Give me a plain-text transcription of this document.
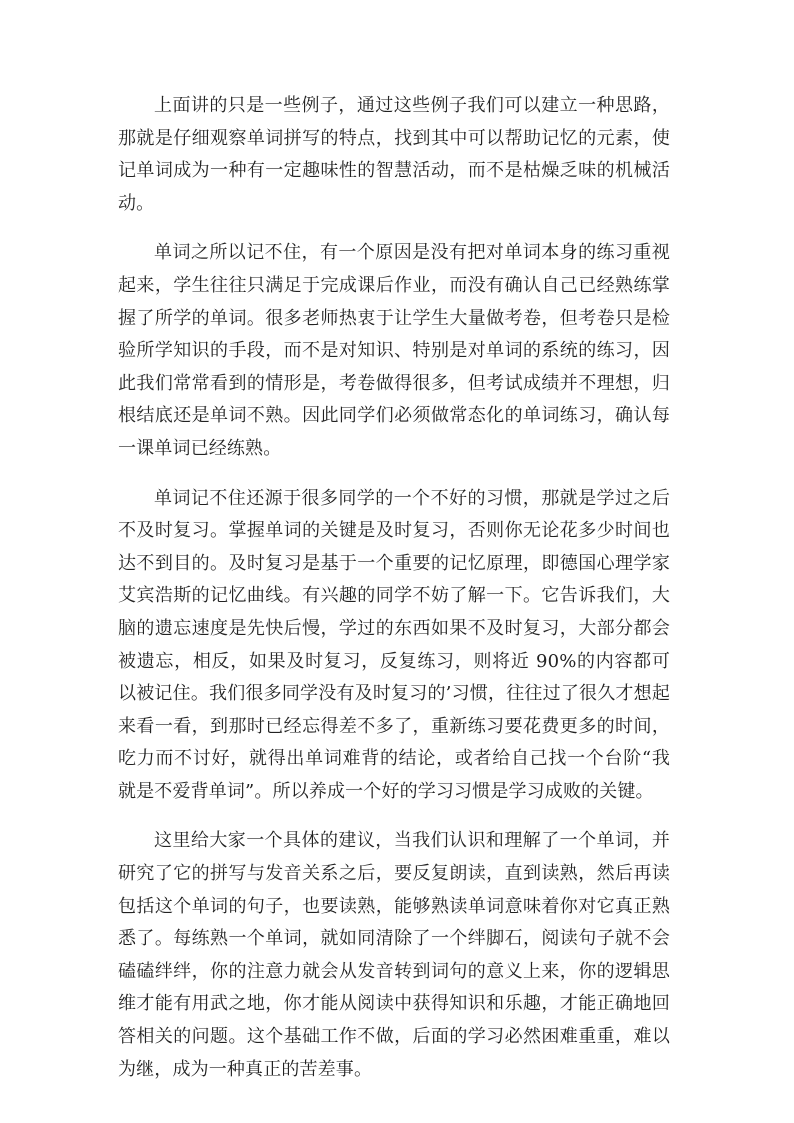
上面讲的只是一些例子，通过这些例子我们可以建立一种思路，那就是仔细观察单词拼写的特点，找到其中可以帮助记忆的元素，使记单词成为一种有一定趣味性的智慧活动，而不是枯燥乏味的机械活动。

单词之所以记不住，有一个原因是没有把对单词本身的练习重视起来，学生往往只满足于完成课后作业，而没有确认自己已经熟练掌握了所学的单词。很多老师热衷于让学生大量做考卷，但考卷只是检验所学知识的手段，而不是对知识、特别是对单词的系统的练习，因此我们常常看到的情形是，考卷做得很多，但考试成绩并不理想，归根结底还是单词不熟。因此同学们必须做常态化的单词练习，确认每一课单词已经练熟。

单词记不住还源于很多同学的一个不好的习惯，那就是学过之后不及时复习。掌握单词的关键是及时复习，否则你无论花多少时间也达不到目的。及时复习是基于一个重要的记忆原理，即德国心理学家艾宾浩斯的记忆曲线。有兴趣的同学不妨了解一下。它告诉我们，大脑的遗忘速度是先快后慢，学过的东西如果不及时复习，大部分都会被遗忘，相反，如果及时复习，反复练习，则将近 90%的内容都可以被记住。我们很多同学没有及时复习的’习惯，往往过了很久才想起来看一看，到那时已经忘得差不多了，重新练习要花费更多的时间，吃力而不讨好，就得出单词难背的结论，或者给自己找一个台阶“我就是不爱背单词”。所以养成一个好的学习习惯是学习成败的关键。

这里给大家一个具体的建议，当我们认识和理解了一个单词，并研究了它的拼写与发音关系之后，要反复朗读，直到读熟，然后再读包括这个单词的句子，也要读熟，能够熟读单词意味着你对它真正熟悉了。每练熟一个单词，就如同清除了一个绊脚石，阅读句子就不会磕磕绊绊，你的注意力就会从发音转到词句的意义上来，你的逻辑思维才能有用武之地，你才能从阅读中获得知识和乐趣，才能正确地回答相关的问题。这个基础工作不做，后面的学习必然困难重重，难以为继，成为一种真正的苦差事。
